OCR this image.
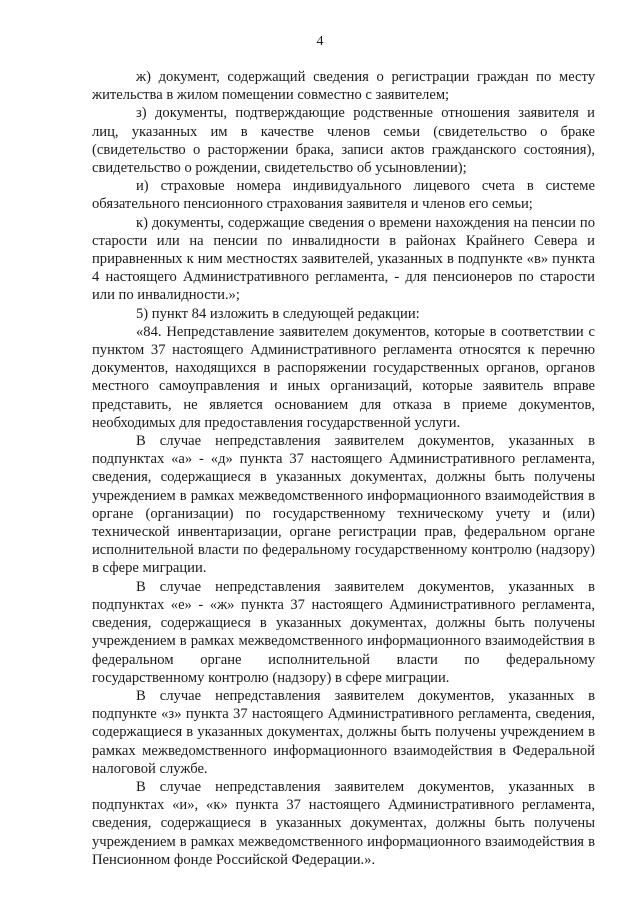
4

ж) документ, содержащий сведения о регистрации граждан по месту жительства в жилом помещении совместно с заявителем;

з) документы, подтверждающие родственные отношения заявителя и лиц, указанных им в качестве членов семьи (свидетельство о браке (свидетельство о расторжении брака, записи актов гражданского состояния), свидетельство о рождении, свидетельство об усыновлении);

и) страховые номера индивидуального лицевого счета в системе обязательного пенсионного страхования заявителя и членов его семьи;

к) документы, содержащие сведения о времени нахождения на пенсии по старости или на пенсии по инвалидности в районах Крайнего Севера и приравненных к ним местностях заявителей, указанных в подпункте «в» пункта 4 настоящего Административного регламента, - для пенсионеров по старости или по инвалидности.»;

5) пункт 84 изложить в следующей редакции:

«84. Непредставление заявителем документов, которые в соответствии с пунктом 37 настоящего Административного регламента относятся к перечню документов, находящихся в распоряжении государственных органов, органов местного самоуправления и иных организаций, которые заявитель вправе представить, не является основанием для отказа в приеме документов, необходимых для предоставления государственной услуги.

В случае непредставления заявителем документов, указанных в подпунктах «а» - «д» пункта 37 настоящего Административного регламента, сведения, содержащиеся в указанных документах, должны быть получены учреждением в рамках межведомственного информационного взаимодействия в органе (организации) по государственному техническому учету и (или) технической инвентаризации, органе регистрации прав, федеральном органе исполнительной власти по федеральному государственному контролю (надзору) в сфере миграции.

В случае непредставления заявителем документов, указанных в подпунктах «е» - «ж» пункта 37 настоящего Административного регламента, сведения, содержащиеся в указанных документах, должны быть получены учреждением в рамках межведомственного информационного взаимодействия в федеральном органе исполнительной власти по федеральному государственному контролю (надзору) в сфере миграции.

В случае непредставления заявителем документов, указанных в подпункте «з» пункта 37 настоящего Административного регламента, сведения, содержащиеся в указанных документах, должны быть получены учреждением в рамках межведомственного информационного взаимодействия в Федеральной налоговой службе.

В случае непредставления заявителем документов, указанных в подпунктах «и», «к» пункта 37 настоящего Административного регламента, сведения, содержащиеся в указанных документах, должны быть получены учреждением в рамках межведомственного информационного взаимодействия в Пенсионном фонде Российской Федерации.».
